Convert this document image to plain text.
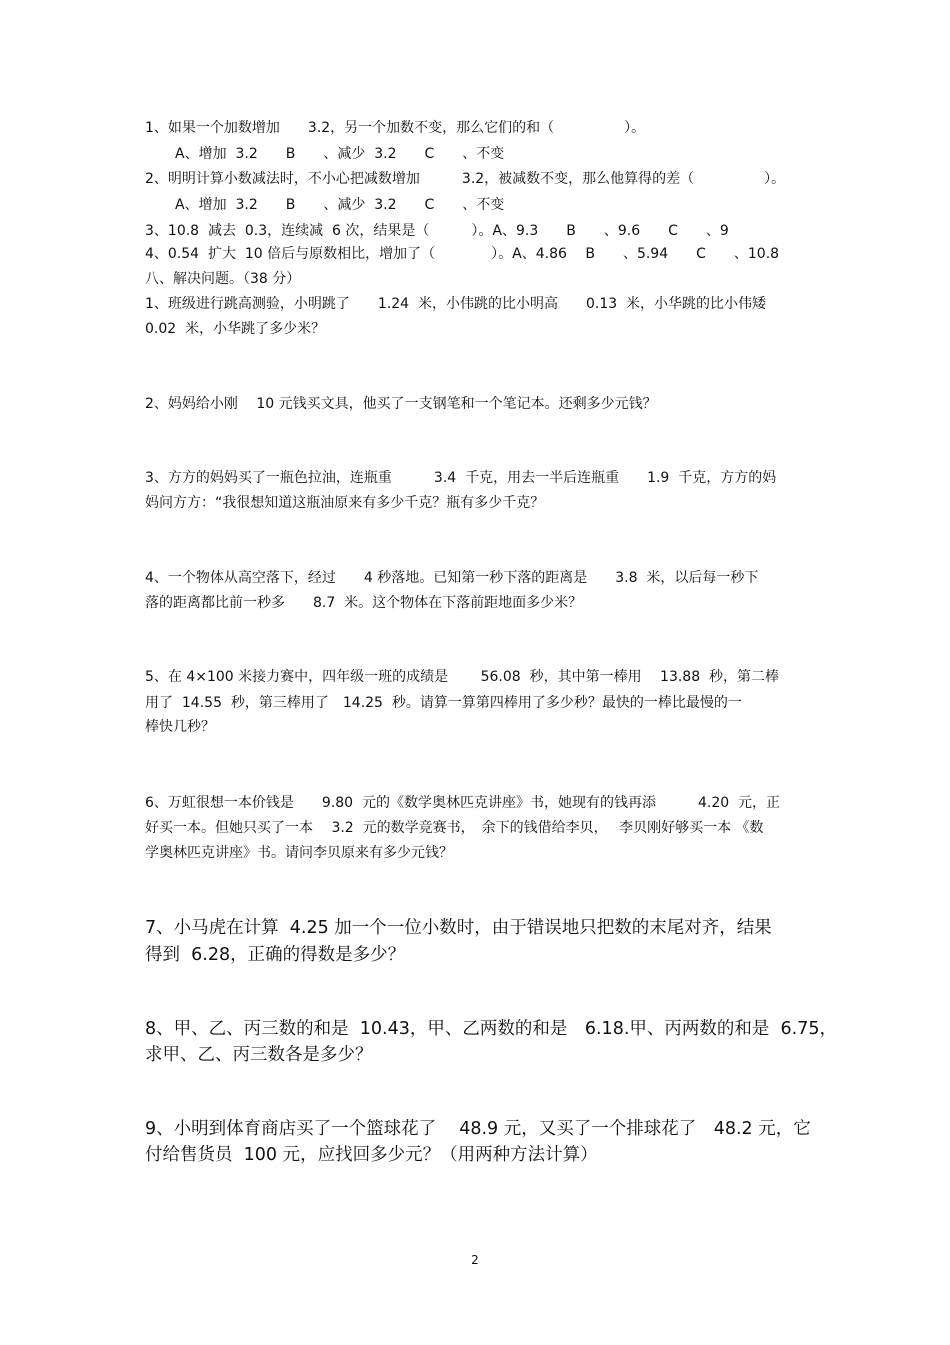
1、如果一个加数增加　　3.2，另一个加数不变，那么它们的和（　　　　　）。
A、增加  3.2　　B　　、减少  3.2　　C　　、不变
2、明明计算小数减法时，不小心把减数增加　　　3.2，被减数不变，那么他算得的差（　　　　　）。
A、增加  3.2　　B　　、减少  3.2　　C　　、不变
3、10.8  减去  0.3，连续减  6 次，结果是（　　　）。A、9.3　　B　　、9.6　　C　　、9
4、0.54  扩大  10 倍后与原数相比，增加了（　　　　）。A、4.86　 B　　、5.94　　C　　、10.8
八、解决问题。（38 分）
1、班级进行跳高测验，小明跳了　　1.24  米，小伟跳的比小明高　　0.13  米，小华跳的比小伟矮
0.02  米，小华跳了多少米？
2、妈妈给小刚　 10 元钱买文具，他买了一支钢笔和一个笔记本。还剩多少元钱？
3、方方的妈妈买了一瓶色拉油，连瓶重　　　3.4  千克，用去一半后连瓶重　　1.9  千克，方方的妈
妈问方方：“我很想知道这瓶油原来有多少千克？瓶有多少千克？
4、一个物体从高空落下，经过　　4 秒落地。已知第一秒下落的距离是　　3.8  米，以后每一秒下
落的距离都比前一秒多　　8.7  米。这个物体在下落前距地面多少米？
5、在 4×100 米接力赛中，四年级一班的成绩是　　 56.08  秒，其中第一棒用　 13.88  秒，第二棒
用了  14.55  秒，第三棒用了　14.25  秒。请算一算第四棒用了多少秒？最快的一棒比最慢的一
棒快几秒？
6、万虹很想一本价钱是　　9.80  元的《数学奥林匹克讲座》书，她现有的钱再添　　　4.20  元，正
好买一本。但她只买了一本　 3.2  元的数学竞赛书，　余下的钱借给李贝，　 李贝刚好够买一本 《数
学奥林匹克讲座》书。请问李贝原来有多少元钱？
7、小马虎在计算  4.25 加一个一位小数时，由于错误地只把数的末尾对齐，结果
得到  6.28，正确的得数是多少？
8、甲、乙、丙三数的和是  10.43，甲、乙两数的和是　6.18.甲、丙两数的和是  6.75，
求甲、乙、丙三数各是多少？
9、小明到体育商店买了一个篮球花了　 48.9 元，又买了一个排球花了　48.2 元，它
付给售货员  100 元，应找回多少元？（用两种方法计算）
2
